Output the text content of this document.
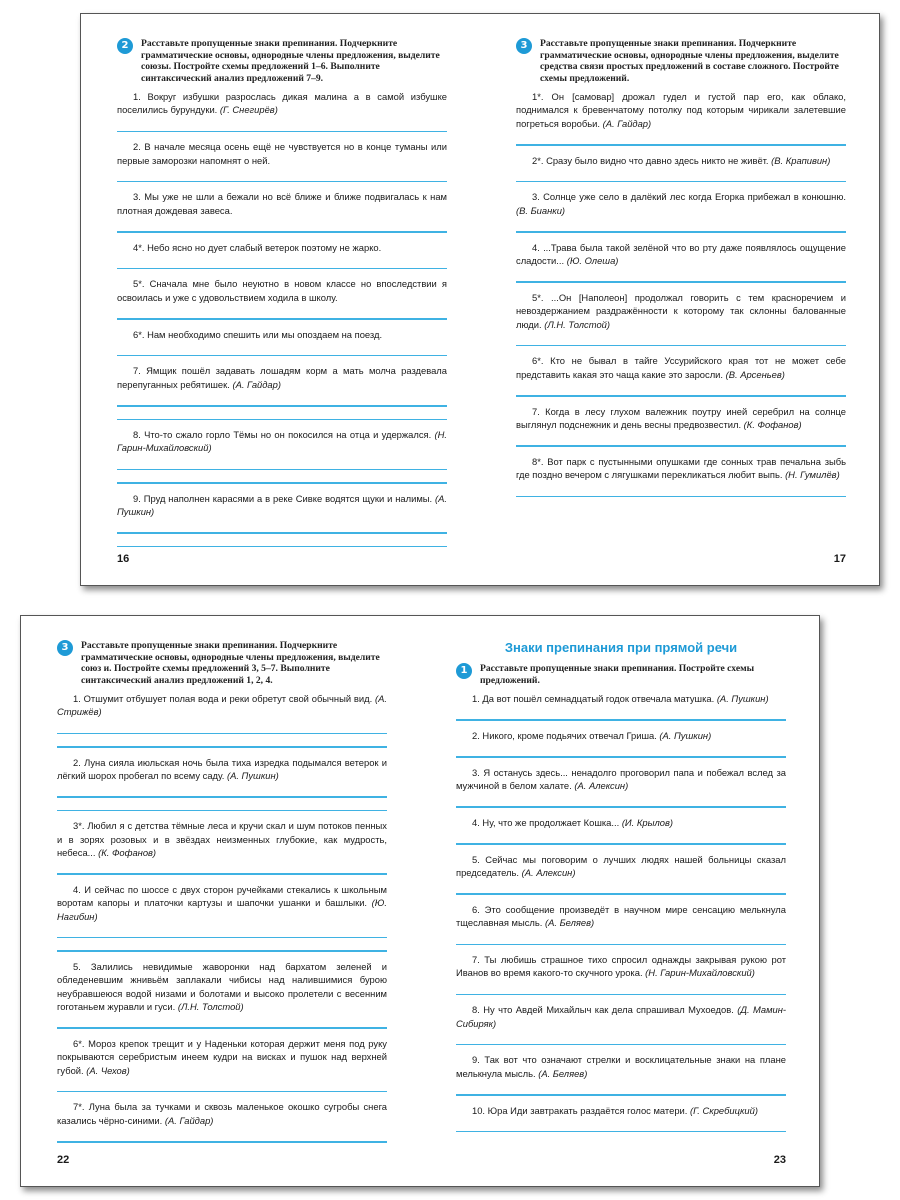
2	Расставьте пропущенные знаки препинания. Подчеркните грамматические основы, однородные члены предложения, выделите союзы. Постройте схемы предложений 1–6. Выполните синтаксический анализ предложений 7–9.

1. Вокруг избушки разрослась дикая малина а в самой избушке поселились бурундуки. (Г. Снегирёв)

2. В начале месяца осень ещё не чувствуется но в конце туманы или первые заморозки напомнят о ней.

3. Мы уже не шли а бежали но всё ближе и ближе подвигалась к нам плотная дождевая завеса.

4*. Небо ясно но дует слабый ветерок поэтому не жарко.

5*. Сначала мне было неуютно в новом классе но впоследствии я освоилась и уже с удовольствием ходила в школу.

6*. Нам необходимо спешить или мы опоздаем на поезд.

7. Ямщик пошёл задавать лошадям корм а мать молча раздевала перепуганных ребятишек. (А. Гайдар)

8. Что-то сжало горло Тёмы но он покосился на отца и удержался. (Н. Гарин-Михайловский)

9. Пруд наполнен карасями а в реке Сивке водятся щуки и налимы. (А. Пушкин)

16
3	Расставьте пропущенные знаки препинания. Подчеркните грамматические основы, однородные члены предложения, выделите средства связи простых предложений в составе сложного. Постройте схемы предложений.

1*. Он [самовар] дрожал гудел и густой пар его, как облако, поднимался к бревенчатому потолку под которым чирикали залетевшие погреться воробьи. (А. Гайдар)

2*. Сразу было видно что давно здесь никто не живёт. (В. Крапивин)

3. Солнце уже село в далёкий лес когда Егорка прибежал в конюшню. (В. Бианки)

4. ...Трава была такой зелёной что во рту даже появлялось ощущение сладости... (Ю. Олеша)

5*. ...Он [Наполеон] продолжал говорить с тем красноречием и невоздержанием раздражённости к которому так склонны балованные люди. (Л.Н. Толстой)

6*. Кто не бывал в тайге Уссурийского края тот не может себе представить какая это чаща какие это заросли. (В. Арсеньев)

7. Когда в лесу глухом валежник поутру иней серебрил на солнце выглянул подснежник и день весны предвозвестил. (К. Фофанов)

8*. Вот парк с пустынными опушками где сонных трав печальна зыбь где поздно вечером с лягушками перекликаться любит выпь. (Н. Гумилёв)

17
3	Расставьте пропущенные знаки препинания. Подчеркните грамматические основы, однородные члены предложения, выделите союз и. Постройте схемы предложений 3, 5–7. Выполните синтаксический анализ предложений 1, 2, 4.

1. Отшумит отбушует полая вода и реки обретут свой обычный вид. (А. Стрижёв)

2. Луна сияла июльская ночь была тиха изредка подымался ветерок и лёгкий шорох пробегал по всему саду. (А. Пушкин)

3*. Любил я с детства тёмные леса и кручи скал и шум потоков пенных и в зорях розовых и в звёздах неизменных глубокие, как мудрость, небеса... (К. Фофанов)

4. И сейчас по шоссе с двух сторон ручейками стекались к школьным воротам капоры и платочки картузы и шапочки ушанки и башлыки. (Ю. Нагибин)

5. Залились невидимые жаворонки над бархатом зеленей и обледеневшим жнивьём заплакали чибисы над налившимися бурою неубравшеюся водой низами и болотами и высоко пролетели с весенним гоготаньем журавли и гуси. (Л.Н. Толстой)

6*. Мороз крепок трещит и у Наденьки которая держит меня под руку покрываются серебристым инеем кудри на висках и пушок над верхней губой. (А. Чехов)

7*. Луна была за тучками и сквозь маленькое окошко сугробы снега казались чёрно-синими. (А. Гайдар)

22
Знаки препинания при прямой речи
1	Расставьте пропущенные знаки препинания. Постройте схемы предложений.

1. Да вот пошёл семнадцатый годок отвечала матушка. (А. Пушкин)

2. Никого, кроме подьячих отвечал Гриша. (А. Пушкин)

3. Я останусь здесь... ненадолго проговорил папа и побежал вслед за мужчиной в белом халате. (А. Алексин)

4. Ну, что же продолжает Кошка... (И. Крылов)

5. Сейчас мы поговорим о лучших людях нашей больницы сказал председатель. (А. Алексин)

6. Это сообщение произведёт в научном мире сенсацию мелькнула тщеславная мысль. (А. Беляев)

7. Ты любишь страшное тихо спросил однажды закрывая рукою рот Иванов во время какого-то скучного урока. (Н. Гарин-Михайловский)

8. Ну что Авдей Михайлыч как дела спрашивал Мухоедов. (Д. Мамин-Сибиряк)

9. Так вот что означают стрелки и восклицательные знаки на плане мелькнула мысль. (А. Беляев)

10. Юра Иди завтракать раздаётся голос матери. (Г. Скребицкий)

23
